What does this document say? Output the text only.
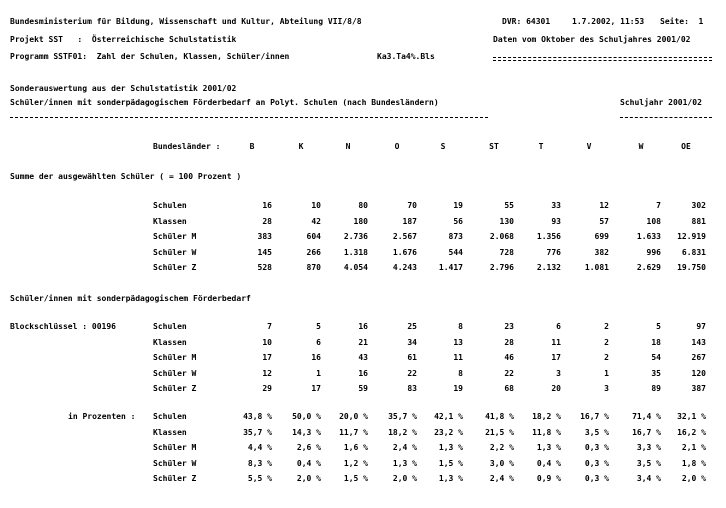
Bundesministerium für Bildung, Wissenschaft und Kultur, Abteilung VII/8/8
Projekt SST   :  Österreichische Schulstatistik
Programm SSTF01:  Zahl der Schulen, Klassen, Schüler/innen	Ka3.Ta4%.Bls
DVR: 64301	1.7.2002, 11:53 Seite:  1
Daten vom Oktober des Schuljahres 2001/02
Sonderauswertung aus der Schulstatistik 2001/02
Schüler/innen mit sonderpädagogischem Förderbedarf an Polyt. Schulen (nach Bundesländern)	Schuljahr 2001/02
Bundesländer :	B	K	N	O	S	ST	T	V	W	OE
Summe der ausgewählten Schüler ( = 100 Prozent )
Schüler/innen mit sonderpädagogischem Förderbedarf
Blockschlüssel : 00196
in Prozenten :
Schulen	16	10	80	70	19	55	33	12	7	302
Klassen	28	42	180	187	56	130	93	57	108	881
Schüler M	383	604	2.736	2.567	873	2.068	1.356	699	1.633	12.919
Schüler W	145	266	1.318	1.676	544	728	776	382	996	6.831
Schüler Z	528	870	4.054	4.243	1.417	2.796	2.132	1.081	2.629	19.750
Schulen	7	5	16	25	8	23	6	2	5	97
Klassen	10	6	21	34	13	28	11	2	18	143
Schüler M	17	16	43	61	11	46	17	2	54	267
Schüler W	12	1	16	22	8	22	3	1	35	120
Schüler Z	29	17	59	83	19	68	20	3	89	387
Schulen	43,8 %	50,0 %	20,0 %	35,7 %	42,1 %	41,8 %	18,2 %	16,7 %	71,4 %	32,1 %
Klassen	35,7 %	14,3 %	11,7 %	18,2 %	23,2 %	21,5 %	11,8 %	3,5 %	16,7 %	16,2 %
Schüler M	4,4 %	2,6 %	1,6 %	2,4 %	1,3 %	2,2 %	1,3 %	0,3 %	3,3 %	2,1 %
Schüler W	8,3 %	0,4 %	1,2 %	1,3 %	1,5 %	3,0 %	0,4 %	0,3 %	3,5 %	1,8 %
Schüler Z	5,5 %	2,0 %	1,5 %	2,0 %	1,3 %	2,4 %	0,9 %	0,3 %	3,4 %	2,0 %
